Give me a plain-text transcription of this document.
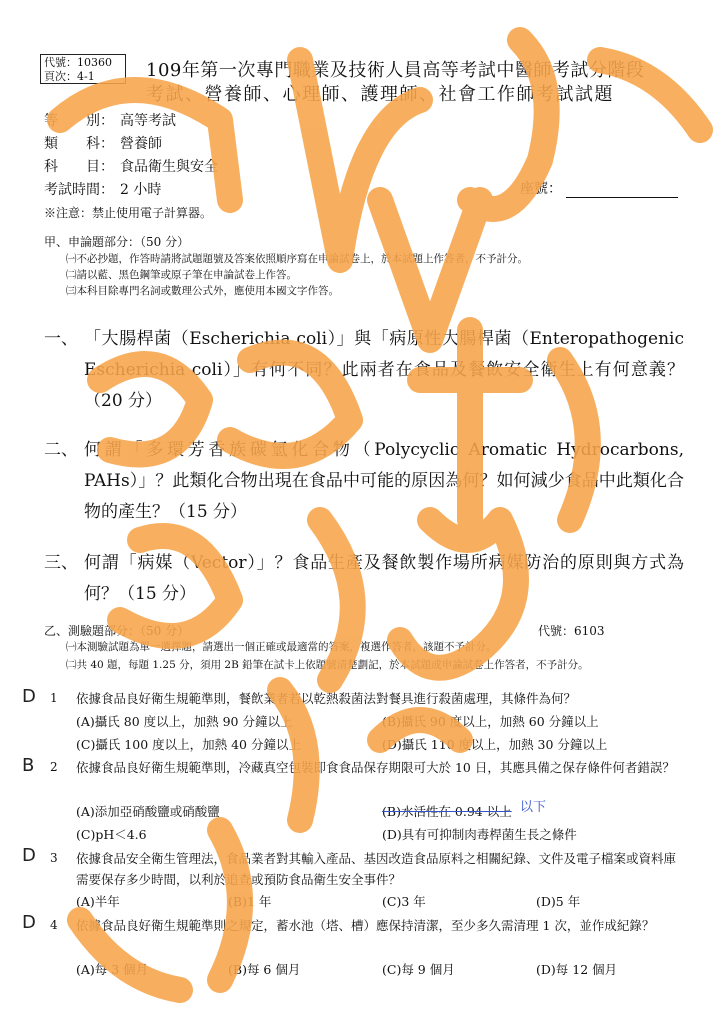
代號：10360
頁次：4-1	109年第一次專門職業及技術人員高等考試中醫師考試分階段
考試、營養師、心理師、護理師、社會工作師考試試題
等　　別： 高等考試
類　　科： 營養師
科　　目： 食品衛生與安全
考試時間： 2 小時	座號：
※注意：禁止使用電子計算器。
甲、申論題部分：（50 分）
㈠不必抄題，作答時請將試題題號及答案依照順序寫在申論試卷上，於本試題上作答者，不予計分。
㈡請以藍、黑色鋼筆或原子筆在申論試卷上作答。
㈢本科目除專門名詞或數理公式外，應使用本國文字作答。
一、 「大腸桿菌（Escherichia coli）」與「病原性大腸桿菌（Enteropathogenic Escherichia coli）」有何不同？此兩者在食品及餐飲安全衛生上有何意義？（20 分）
二、 何謂「多環芳香族碳氫化合物（Polycyclic Aromatic Hydrocarbons, PAHs）」？此類化合物出現在食品中可能的原因為何？如何減少食品中此類化合物的產生？（15 分）
三、 何謂「病媒（Vector）」？食品生產及餐飲製作場所病媒防治的原則與方式為何？（15 分）
乙、測驗題部分：（50 分）	代號：6103
㈠本測驗試題為單一選擇題，請選出一個正確或最適當的答案，複選作答者，該題不予計分。
㈡共 40 題，每題 1.25 分，須用 2B 鉛筆在試卡上依題號清楚劃記，於本試題或申論試卷上作答者，不予計分。
D 1 依據食品良好衛生規範準則，餐飲業者若以乾熱殺菌法對餐具進行殺菌處理，其條件為何？
(A)攝氏 80 度以上，加熱 90 分鐘以上	(B)攝氏 90 度以上，加熱 60 分鐘以上
(C)攝氏 100 度以上，加熱 40 分鐘以上	(D)攝氏 110 度以上，加熱 30 分鐘以上
B 2 依據食品良好衛生規範準則，冷藏真空包裝即食食品保存期限可大於 10 日，其應具備之保存條件何者錯誤？
(A)添加亞硝酸鹽或硝酸鹽	(B)水活性在 0.94 以上 以下
(C)pH＜4.6	(D)具有可抑制肉毒桿菌生長之條件
D 3 依據食品安全衛生管理法，食品業者對其輸入產品、基因改造食品原料之相關紀錄、文件及電子檔案或資料庫需要保存多少時間，以利於追查或預防食品衛生安全事件？
(A)半年	(B)1 年	(C)3 年	(D)5 年
D 4 依據食品良好衛生規範準則之規定，蓄水池（塔、槽）應保持清潔，至少多久需清理 1 次，並作成紀錄？
(A)每 3 個月	(B)每 6 個月	(C)每 9 個月	(D)每 12 個月
